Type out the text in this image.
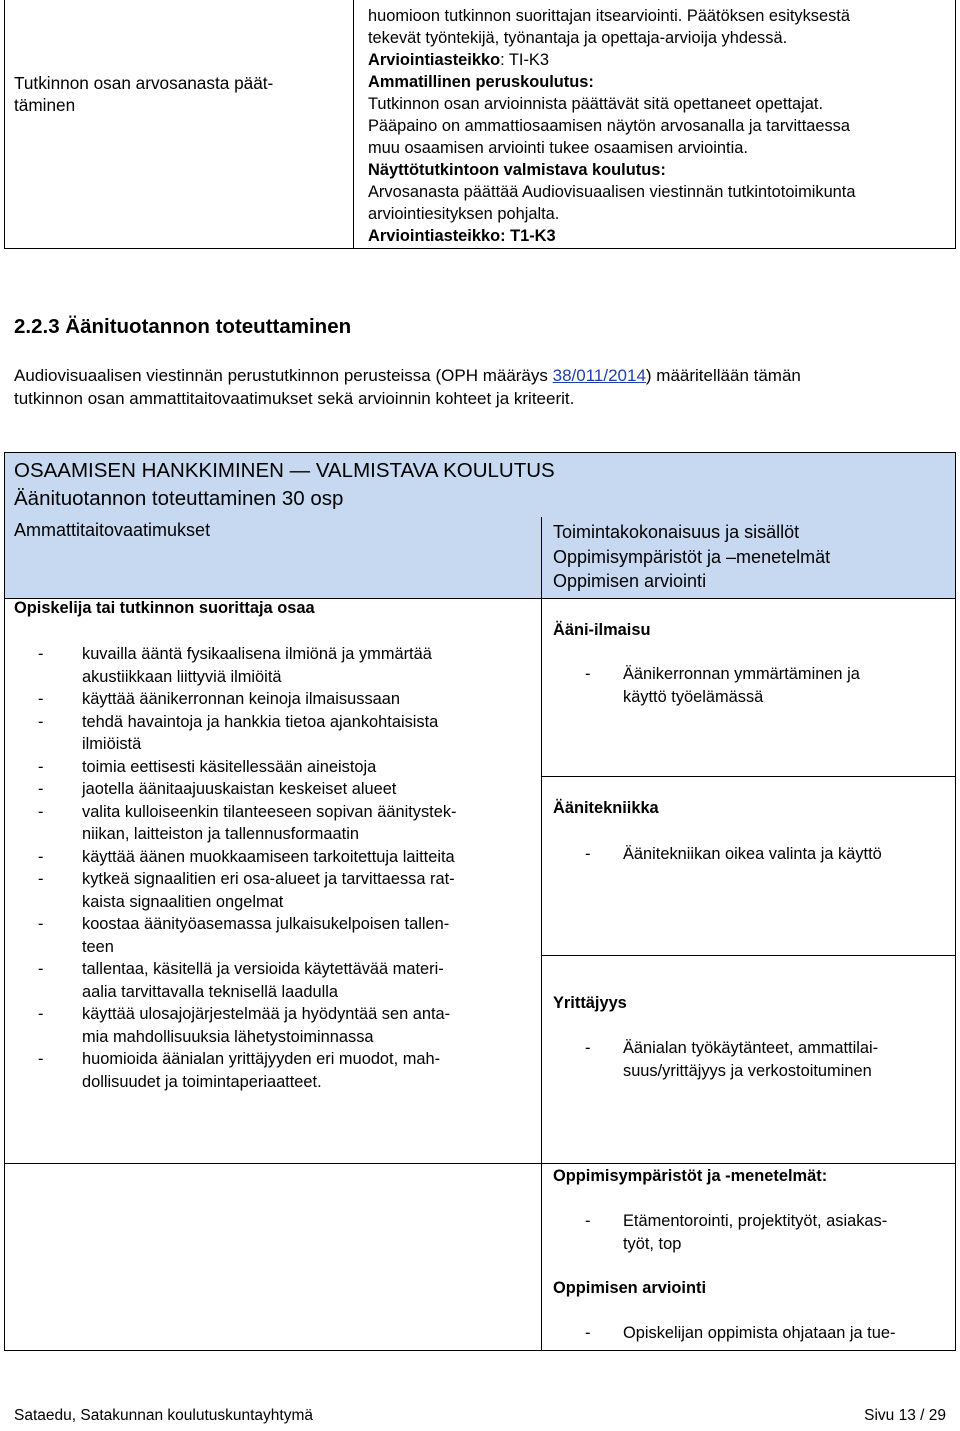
Tutkinnon osan arvosanasta päät-
täminen
huomioon tutkinnon suorittajan itsearviointi. Päätöksen esityksestä
tekevät työntekijä, työnantaja ja opettaja-arvioija yhdessä.
Arviointiasteikko: TI-K3
Ammatillinen peruskoulutus:
Tutkinnon osan arvioinnista päättävät sitä opettaneet opettajat.
Pääpaino on ammattiosaamisen näytön arvosanalla ja tarvittaessa
muu osaamisen arviointi tukee osaamisen arviointia.
Näyttötutkintoon valmistava koulutus:
Arvosanasta päättää Audiovisuaalisen viestinnän tutkintotoimikunta
arviointiesityksen pohjalta.
Arviointiasteikko: T1-K3
2.2.3 Äänituotannon toteuttaminen
Audiovisuaalisen viestinnän perustutkinnon perusteissa (OPH määräys 38/011/2014) määritellään tämän
tutkinnon osan ammattitaitovaatimukset sekä arvioinnin kohteet ja kriteerit.
OSAAMISEN HANKKIMINEN — VALMISTAVA KOULUTUS
Äänituotannon toteuttaminen 30 osp
Ammattitaitovaatimukset	Toimintakokonaisuus ja sisällöt
Oppimisympäristöt ja –menetelmät
Oppimisen arviointi
Opiskelija tai tutkinnon suorittaja osaa
- kuvailla ääntä fysikaalisena ilmiönä ja ymmärtää
akustiikkaan liittyviä ilmiöitä
- käyttää äänikerronnan keinoja ilmaisussaan
- tehdä havaintoja ja hankkia tietoa ajankohtaisista
ilmiöistä
- toimia eettisesti käsitellessään aineistoja
- jaotella äänitaajuuskaistan keskeiset alueet
- valita kulloiseenkin tilanteeseen sopivan äänitystek-
niikan, laitteiston ja tallennusformaatin
- käyttää äänen muokkaamiseen tarkoitettuja laitteita
- kytkeä signaalitien eri osa-alueet ja tarvittaessa rat-
kaista signaalitien ongelmat
- koostaa äänityöasemassa julkaisukelpoisen tallen-
teen
- tallentaa, käsitellä ja versioida käytettävää materi-
aalia tarvittavalla teknisellä laadulla
- käyttää ulosajojärjestelmää ja hyödyntää sen anta-
mia mahdollisuuksia lähetystoiminnassa
- huomioida äänialan yrittäjyyden eri muodot, mah-
dollisuudet ja toimintaperiaatteet.
Ääni-ilmaisu
- Äänikerronnan ymmärtäminen ja
käyttö työelämässä
Äänitekniikka
- Äänitekniikan oikea valinta ja käyttö
Yrittäjyys
- Äänialan työkäytänteet, ammattilai-
suus/yrittäjyys ja verkostoituminen
Oppimisympäristöt ja -menetelmät:
- Etämentorointi, projektityöt, asiakas-
työt, top
Oppimisen arviointi
- Opiskelijan oppimista ohjataan ja tue-
Sataedu, Satakunnan koulutuskuntayhtymä	Sivu 13 / 29
